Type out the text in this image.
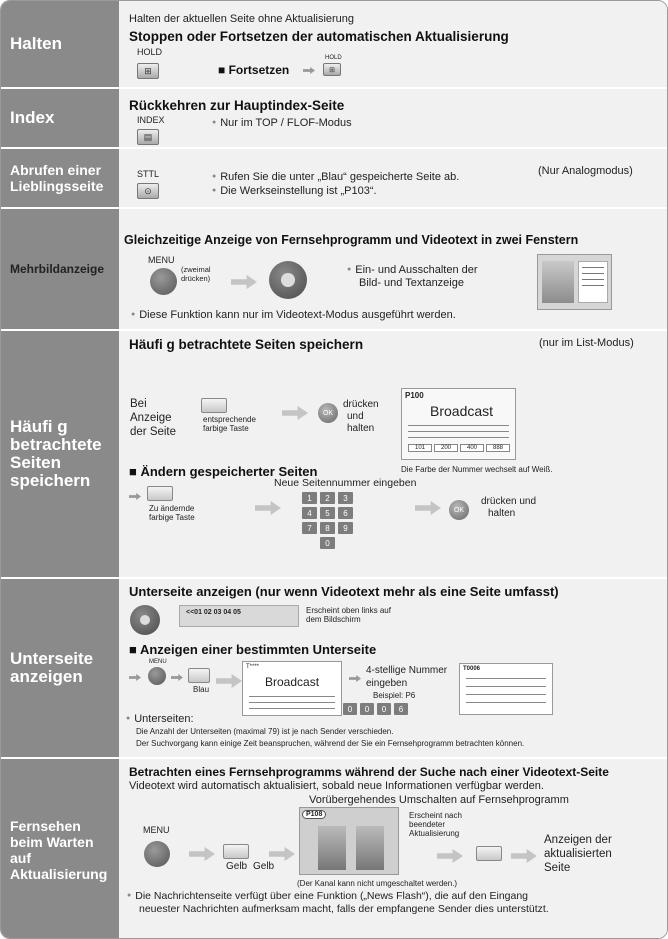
Halten
Halten der aktuellen Seite ohne Aktualisierung
Stoppen oder Fortsetzen der automatischen Aktualisierung
HOLD
⊞	■ Fortsetzen
HOLD
⊞
Index
Rückkehren zur Hauptindex-Seite
INDEX
▤
● Nur im TOP / FLOF-Modus
Abrufen einer Lieblingsseite
STTL
⊙
● Rufen Sie die unter „Blau“ gespeicherte Seite ab.
● Die Werkseinstellung ist „P103“.
(Nur Analogmodus)
Mehrbildanzeige
Gleichzeitige Anzeige von Fernsehprogramm und Videotext in zwei Fenstern
MENU
(zweimal drücken)
● Ein- und Ausschalten der
Bild- und Textanzeige
● Diese Funktion kann nur im Videotext-Modus ausgeführt werden.
Häufi g betrachtete Seiten speichern
Häufi g betrachtete Seiten speichern	(nur im List-Modus)
Bei
Anzeige
der Seite
entsprechende
farbige Taste
OK
drücken
und
halten
P100
Broadcast
101	200	400	888
Die Farbe der Nummer wechselt auf Weiß.
■ Ändern gespeicherter Seiten
Zu ändernde
farbige Taste
Neue Seitennummer eingeben
1	2	3
4	5	6
7	8	9
0
OK
drücken und
halten
Unterseite anzeigen
Unterseite anzeigen (nur wenn Videotext mehr als eine Seite umfasst)
<<01 02 03 04 05	Erscheint oben links auf
dem Bildschirm
■ Anzeigen einer bestimmten Unterseite
MENU
Blau
T****
Broadcast
4-stellige Nummer
eingeben
Beispiel: P6
0	0	0	6
T0006
● Unterseiten:
Die Anzahl der Unterseiten (maximal 79) ist je nach Sender verschieden.
Der Suchvorgang kann einige Zeit beanspruchen, während der Sie ein Fernsehprogramm betrachten können.
Fernsehen beim Warten auf Aktualisierung
Betrachten eines Fernsehprogramms während der Suche nach einer Videotext-Seite
Videotext wird automatisch aktualisiert, sobald neue Informationen verfügbar werden.
Vorübergehendes Umschalten auf Fernsehprogramm
MENU
Gelb Gelb
P108	Erscheint nach
beendeter
Aktualisierung
Anzeigen der
aktualisierten
Seite
(Der Kanal kann nicht umgeschaltet werden.)
● Die Nachrichtenseite verfügt über eine Funktion („News Flash“), die auf den Eingang
neuester Nachrichten aufmerksam macht, falls der empfangene Sender dies unterstützt.
